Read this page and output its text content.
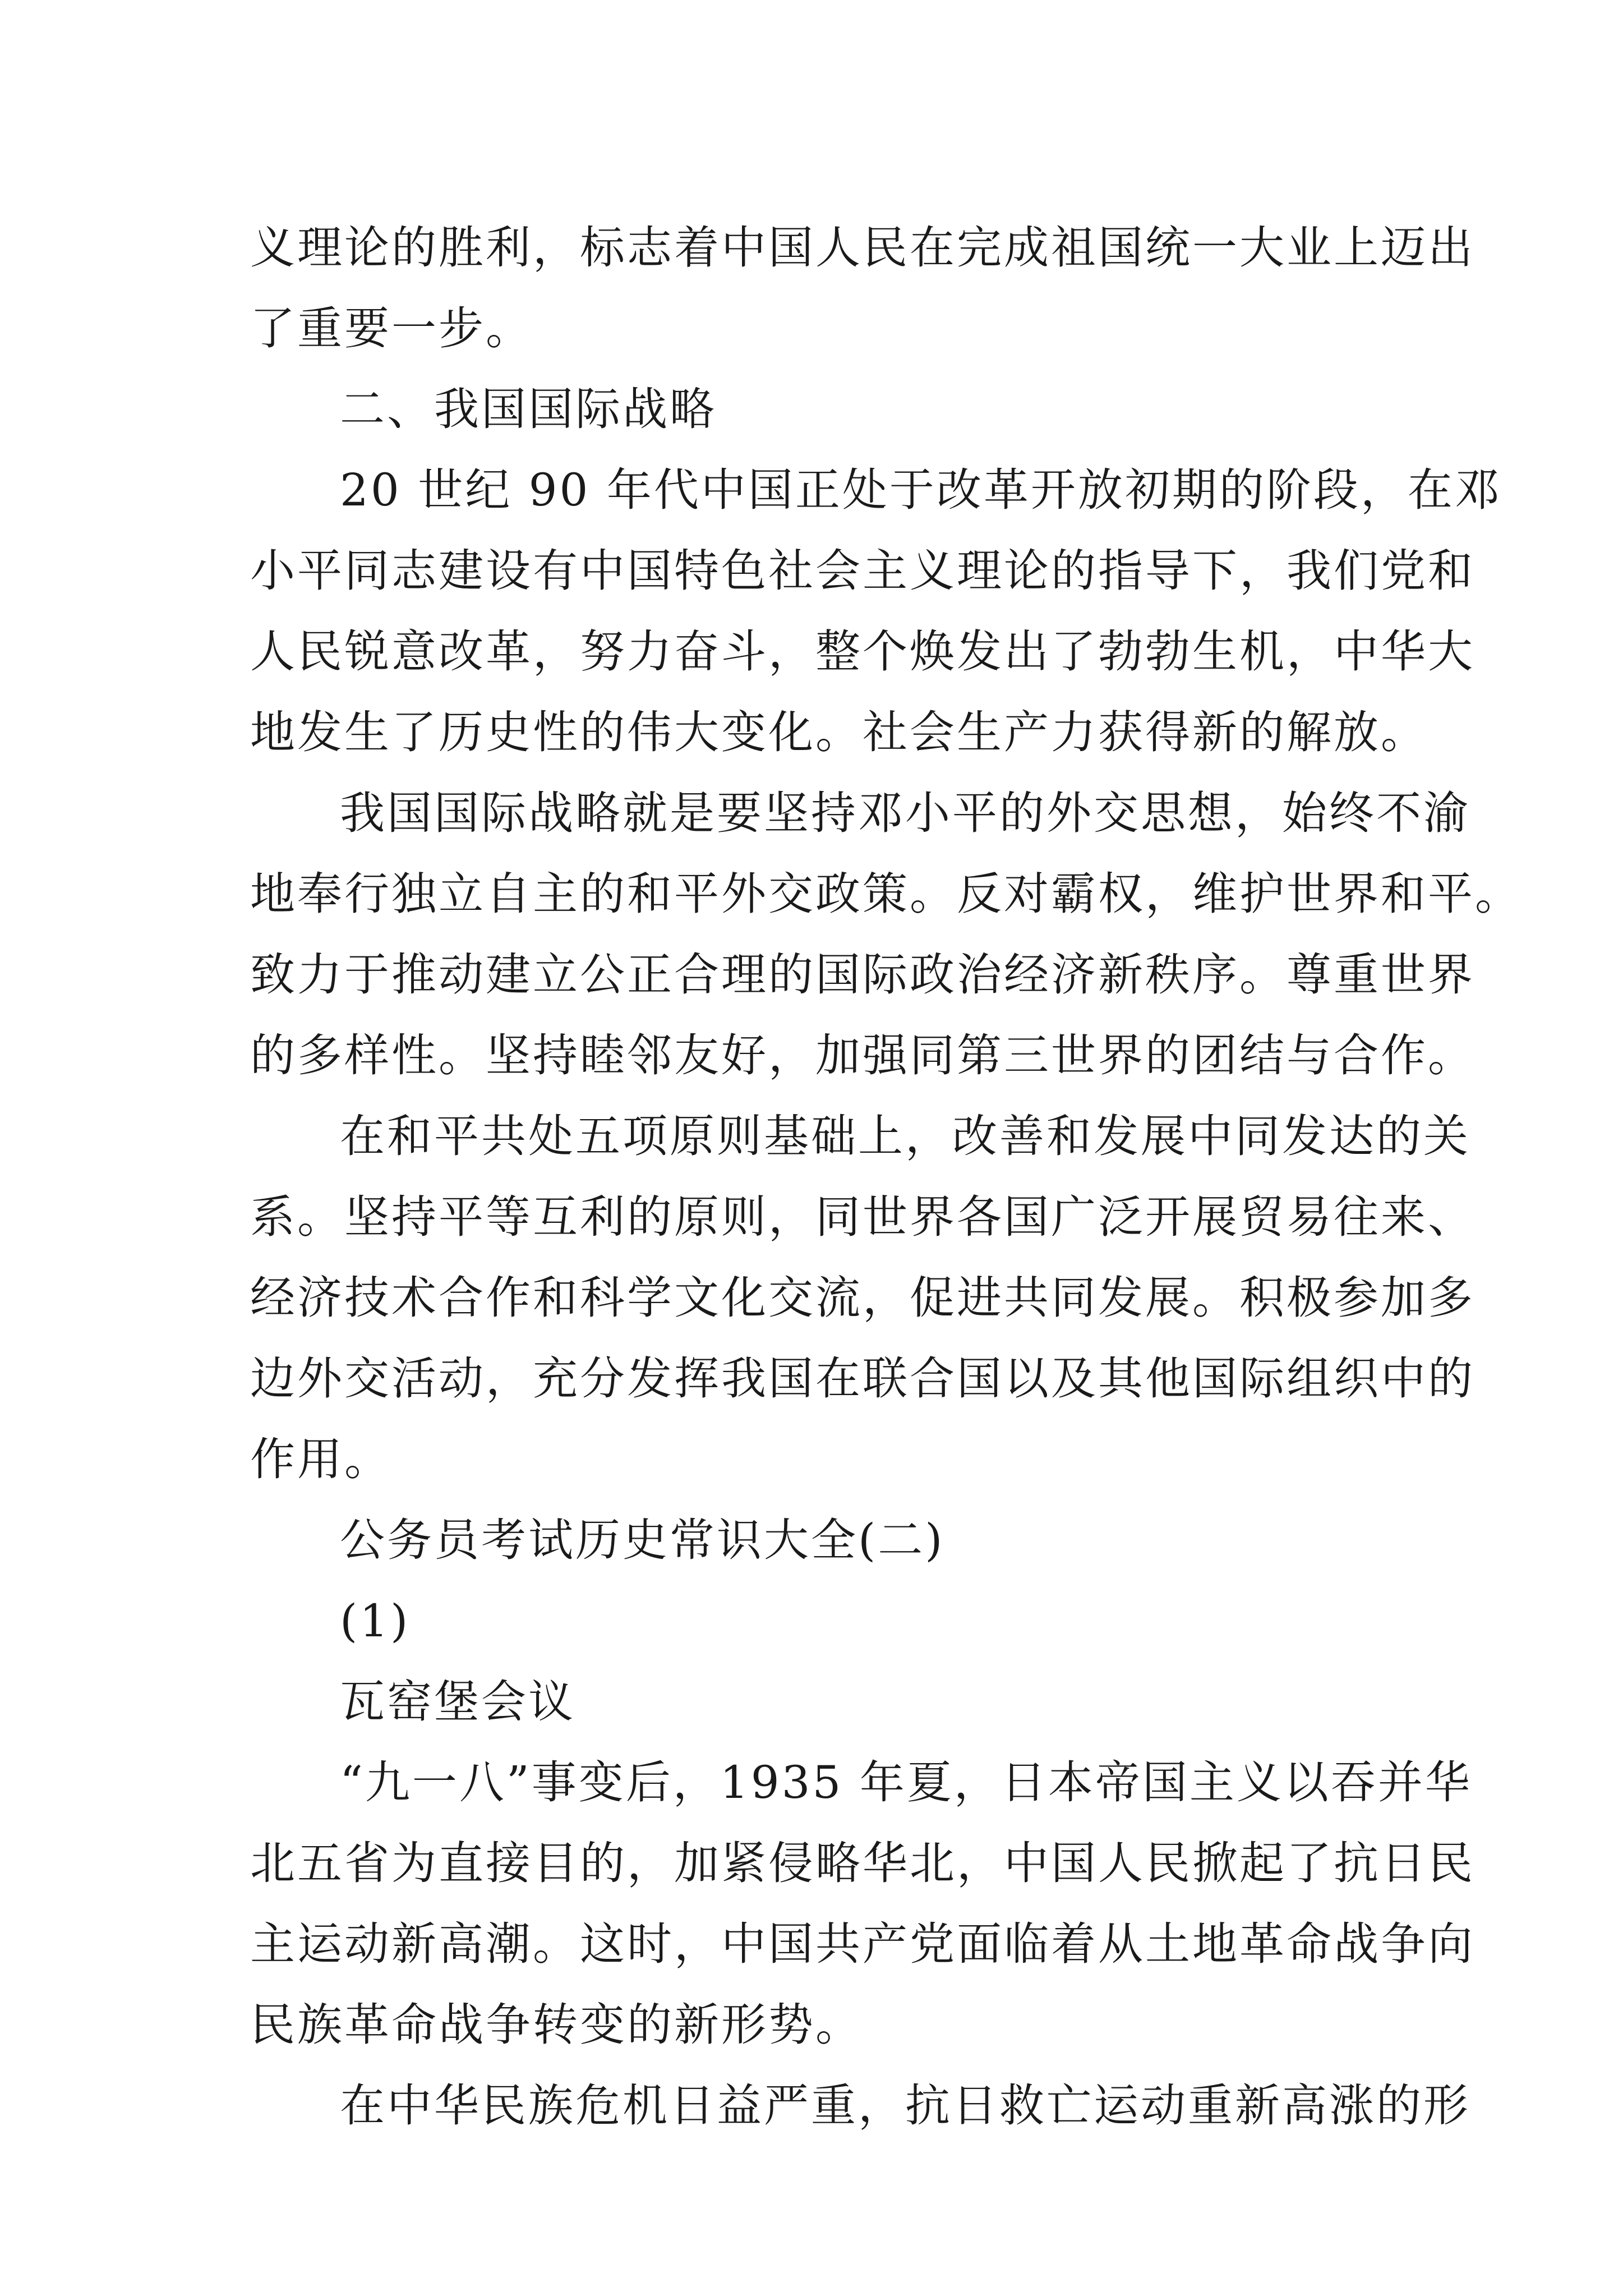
义理论的胜利，标志着中国人民在完成祖国统一大业上迈出

了重要一步。

二、我国国际战略

20 世纪 90 年代中国正处于改革开放初期的阶段，在邓

小平同志建设有中国特色社会主义理论的指导下，我们党和

人民锐意改革，努力奋斗，整个焕发出了勃勃生机，中华大

地发生了历史性的伟大变化。社会生产力获得新的解放。

我国国际战略就是要坚持邓小平的外交思想，始终不渝

地奉行独立自主的和平外交政策。反对霸权，维护世界和平。

致力于推动建立公正合理的国际政治经济新秩序。尊重世界

的多样性。坚持睦邻友好，加强同第三世界的团结与合作。

在和平共处五项原则基础上，改善和发展中同发达的关

系。坚持平等互利的原则，同世界各国广泛开展贸易往来、

经济技术合作和科学文化交流，促进共同发展。积极参加多

边外交活动，充分发挥我国在联合国以及其他国际组织中的

作用。

公务员考试历史常识大全(二)

(1)

瓦窑堡会议

“九一八”事变后，1935 年夏，日本帝国主义以吞并华

北五省为直接目的，加紧侵略华北，中国人民掀起了抗日民

主运动新高潮。这时，中国共产党面临着从土地革命战争向

民族革命战争转变的新形势。

在中华民族危机日益严重，抗日救亡运动重新高涨的形
